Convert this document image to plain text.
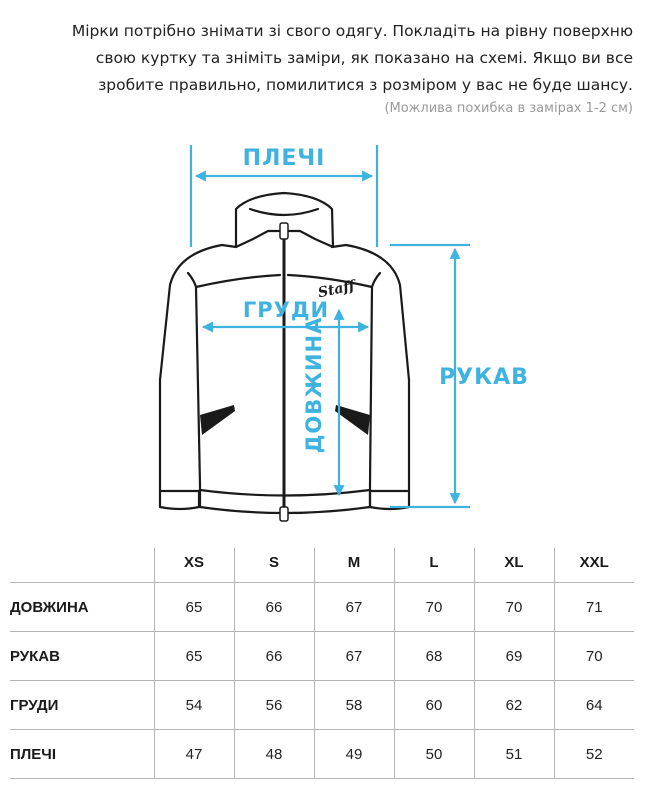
Мірки потрібно знімати зі свого одягу. Покладіть на рівну поверхню
свою куртку та зніміть заміри, як показано на схемі. Якщо ви все
зробите правильно, помилитися з розміром у вас не буде шансу.
(Можлива похибка в замірах 1-2 см)
Staff
ПЛЕЧІ
ГРУДИ
ДОВЖИНА	РУКАВ
	XS	S	M	L	XL	XXL
ДОВЖИНА	65	66	67	70	70	71
РУКАВ	65	66	67	68	69	70
ГРУДИ	54	56	58	60	62	64
ПЛЕЧІ	47	48	49	50	51	52
